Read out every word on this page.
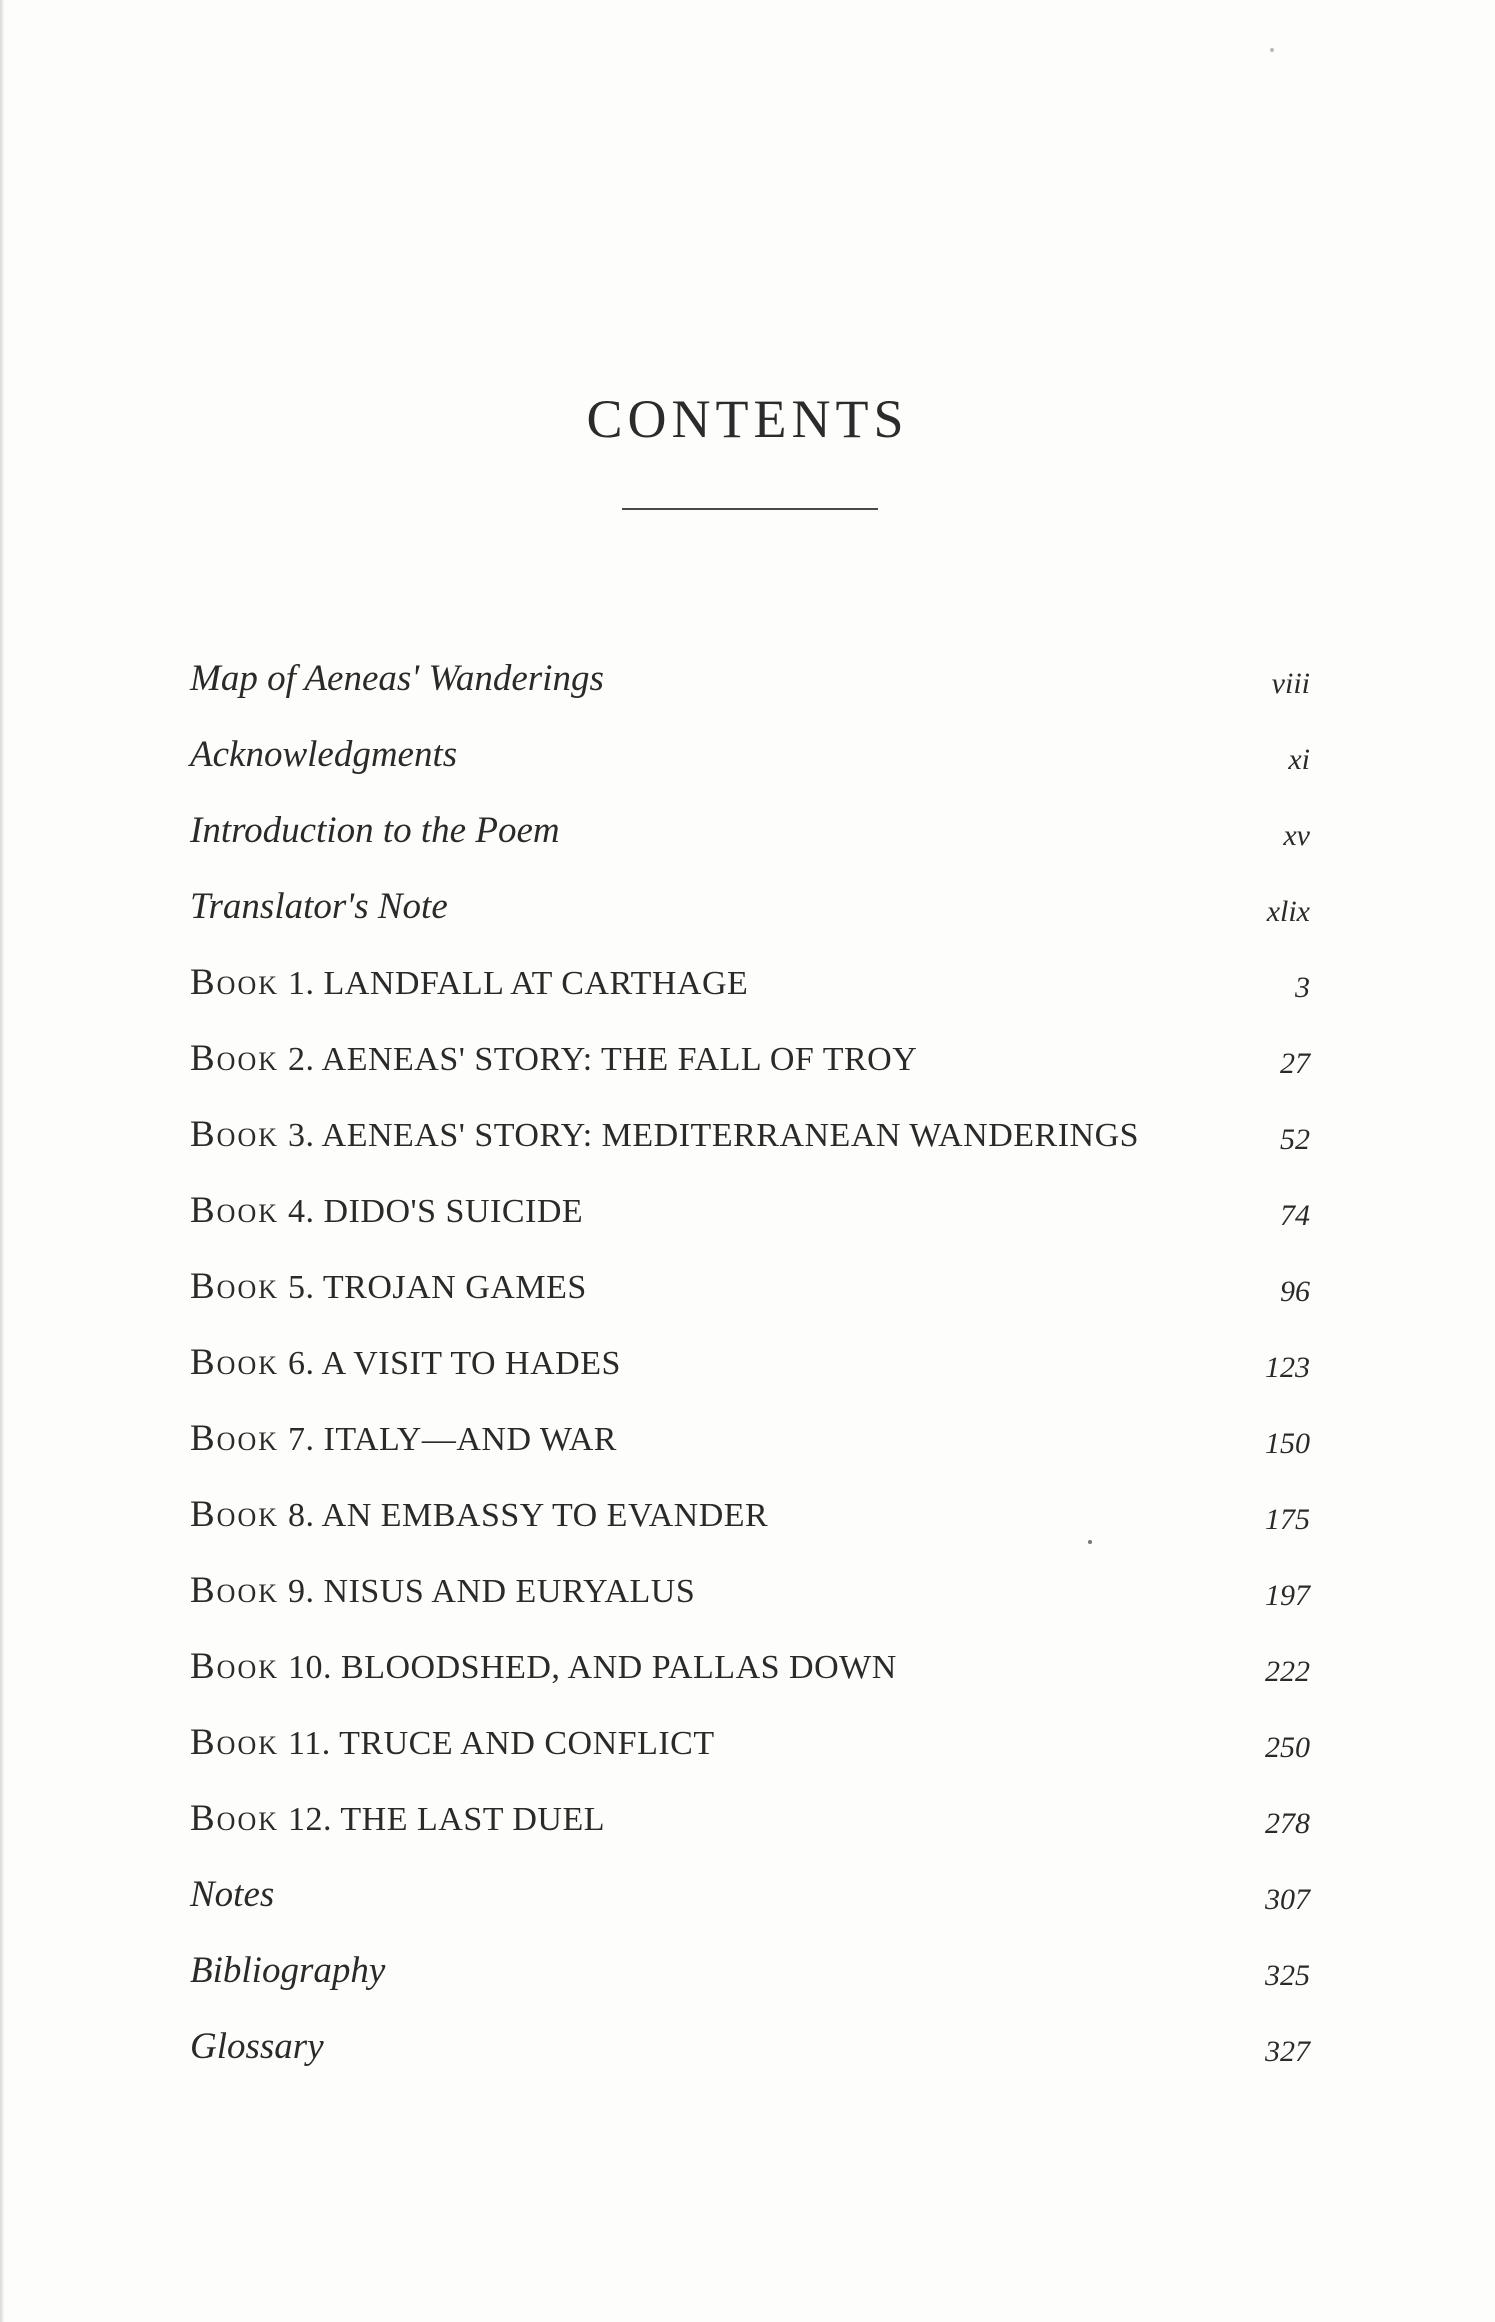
CONTENTS
Map of Aeneas' Wanderings	viii
Acknowledgments	xi
Introduction to the Poem	xv
Translator's Note	xlix
Book 1. LANDFALL AT CARTHAGE	3
Book 2. AENEAS' STORY: THE FALL OF TROY	27
Book 3. AENEAS' STORY: MEDITERRANEAN WANDERINGS	52
Book 4. DIDO'S SUICIDE	74
Book 5. TROJAN GAMES	96
Book 6. A VISIT TO HADES	123
Book 7. ITALY—AND WAR	150
Book 8. AN EMBASSY TO EVANDER	175
Book 9. NISUS AND EURYALUS	197
Book 10. BLOODSHED, AND PALLAS DOWN	222
Book 11. TRUCE AND CONFLICT	250
Book 12. THE LAST DUEL	278
Notes	307
Bibliography	325
Glossary	327
